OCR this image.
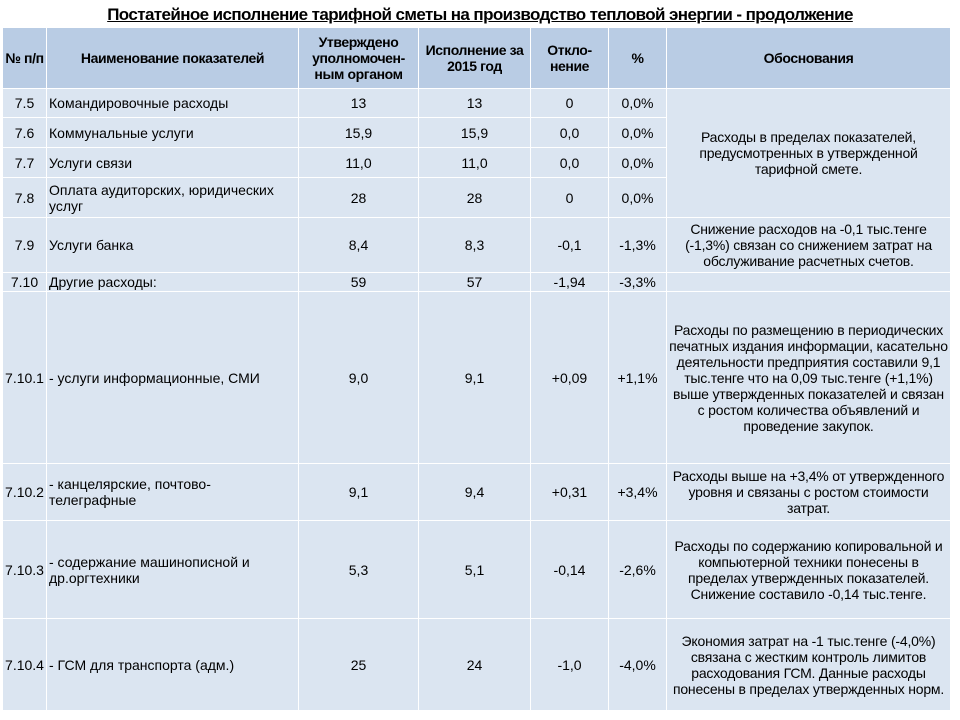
Постатейное исполнение тарифной сметы на производство тепловой энергии - продолжение
№ п/п	Наименование показателей	Утверждено уполномочен-ным органом	Исполнение за 2015 год	Откло-нение	%	Обоснования
7.5	Командировочные расходы	13	13	0	0,0%	Расходы в пределах показателей, предусмотренных в утвержденной тарифной смете.
7.6	Коммунальные услуги	15,9	15,9	0,0	0,0%	
7.7	Услуги связи	11,0	11,0	0,0	0,0%	
7.8	Оплата аудиторских, юридических услуг	28	28	0	0,0%	
7.9	Услуги банка	8,4	8,3	-0,1	-1,3%	Снижение расходов на -0,1 тыс.тенге (-1,3%) связан со снижением затрат на обслуживание расчетных счетов.
7.10	Другие расходы:	59	57	-1,94	-3,3%	
7.10.1	- услуги информационные, СМИ	9,0	9,1	+0,09	+1,1%	Расходы по размещению в периодических печатных издания информации, касательно деятельности предприятия составили 9,1 тыс.тенге что на 0,09 тыс.тенге (+1,1%) выше утвержденных показателей и связан с ростом количества объявлений и проведение закупок.
7.10.2	- канцелярские, почтово-телеграфные	9,1	9,4	+0,31	+3,4%	Расходы выше на +3,4% от утвержденного уровня и связаны с ростом стоимости затрат.
7.10.3	- содержание машинописной и др.оргтехники	5,3	5,1	-0,14	-2,6%	Расходы по содержанию копировальной и компьютерной техники понесены в пределах утвержденных показателей. Снижение составило -0,14 тыс.тенге.
7.10.4	- ГСМ для транспорта (адм.)	25	24	-1,0	-4,0%	Экономия затрат на -1 тыс.тенге (-4,0%) связана с жестким контроль лимитов расходования ГСМ. Данные расходы понесены в пределах утвержденных норм.
